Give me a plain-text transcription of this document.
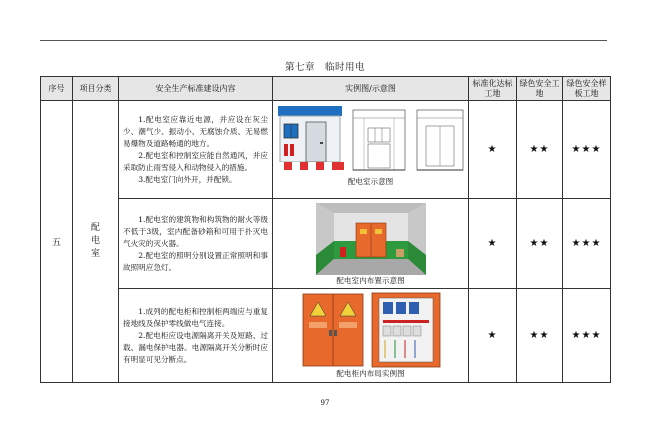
第七章　临时用电
序号	项目分类	安全生产标准建设内容	实例图/示意图	标准化达标工地	绿色安全工地	绿色安全样板工地
五	配电室	1.配电室应靠近电源，并应设在灰尘少、潮气少、振动小、无腐蚀介质、无易燃易爆物及道路畅通的地方。

2.配电室和控制室应能自然通风，并应采取防止雨雪侵入和动物侵入的措施。

3.配电室门向外开，并配锁。	配电室示意图	★	★★	★★★

		1.配电室的建筑物和构筑物的耐火等级不低于3级，室内配备砂箱和可用于扑灭电气火灾的灭火器。

2.配电室的照明分别设置正常照明和事故照明应急灯。	配电室内布置示意图	★	★★	★★★

		1.成列的配电柜和控制柜两端应与重复接地线及保护零线做电气连接。

2.配电柜应设电源隔离开关及短路、过载、漏电保护电器。电源隔离开关分断时应有明显可见分断点。	配电柜内布局实例图	★	★★	★★★
97
